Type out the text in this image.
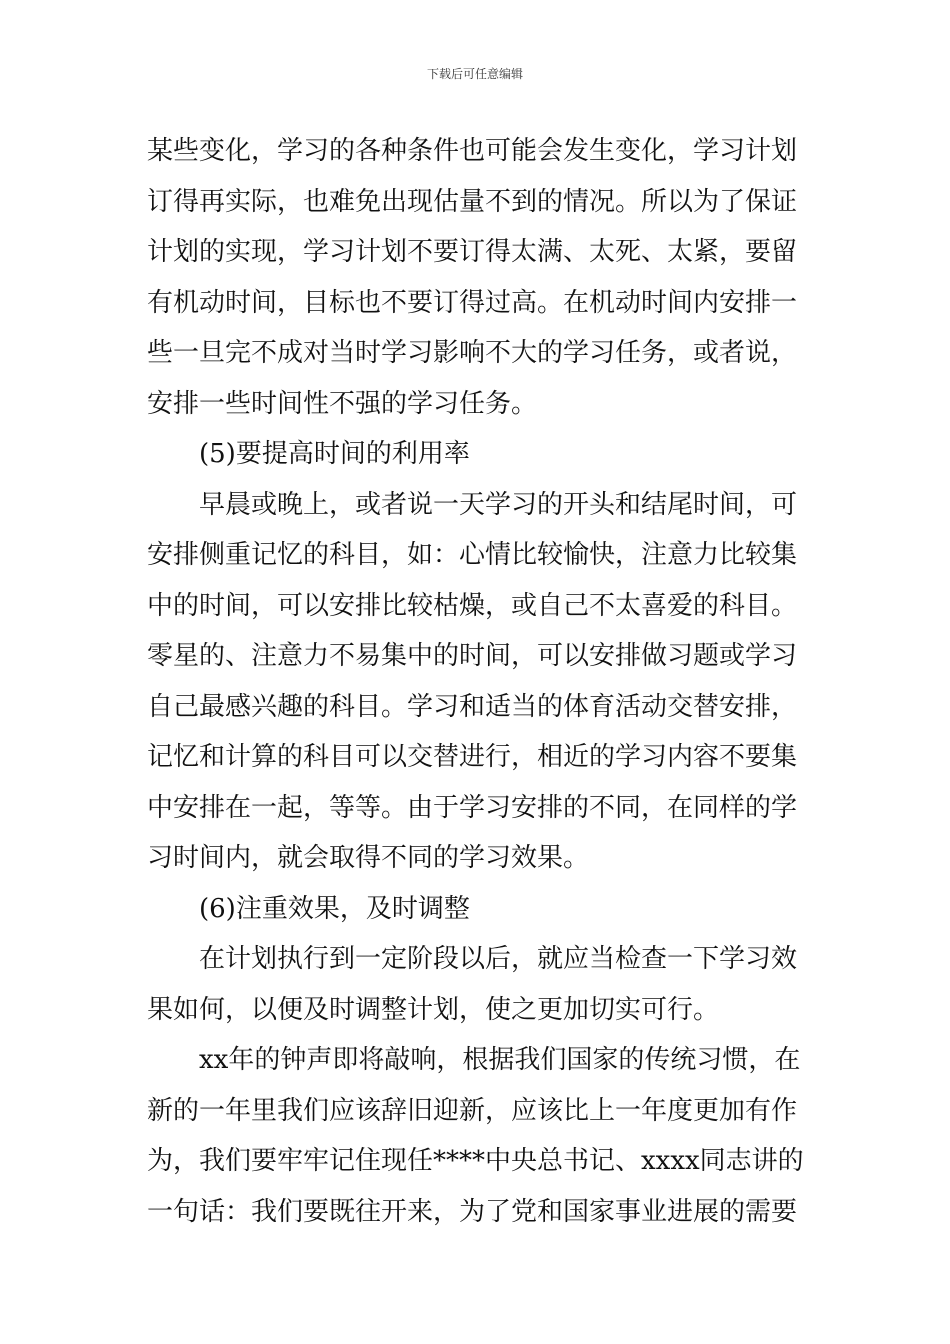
下载后可任意编辑
某些变化，学习的各种条件也可能会发生变化，学习计划
订得再实际，也难免出现估量不到的情况。所以为了保证
计划的实现，学习计划不要订得太满、太死、太紧，要留
有机动时间，目标也不要订得过高。在机动时间内安排一
些一旦完不成对当时学习影响不大的学习任务，或者说，
安排一些时间性不强的学习任务。
(5)要提高时间的利用率
早晨或晚上，或者说一天学习的开头和结尾时间，可
安排侧重记忆的科目，如：心情比较愉快，注意力比较集
中的时间，可以安排比较枯燥，或自己不太喜爱的科目。
零星的、注意力不易集中的时间，可以安排做习题或学习
自己最感兴趣的科目。学习和适当的体育活动交替安排，
记忆和计算的科目可以交替进行，相近的学习内容不要集
中安排在一起，等等。由于学习安排的不同，在同样的学
习时间内，就会取得不同的学习效果。
(6)注重效果，及时调整
在计划执行到一定阶段以后，就应当检查一下学习效
果如何，以便及时调整计划，使之更加切实可行。
xx年的钟声即将敲响，根据我们国家的传统习惯，在
新的一年里我们应该辞旧迎新，应该比上一年度更加有作
为，我们要牢牢记住现任****中央总书记、xxxx同志讲的
一句话：我们要既往开来，为了党和国家事业进展的需要
